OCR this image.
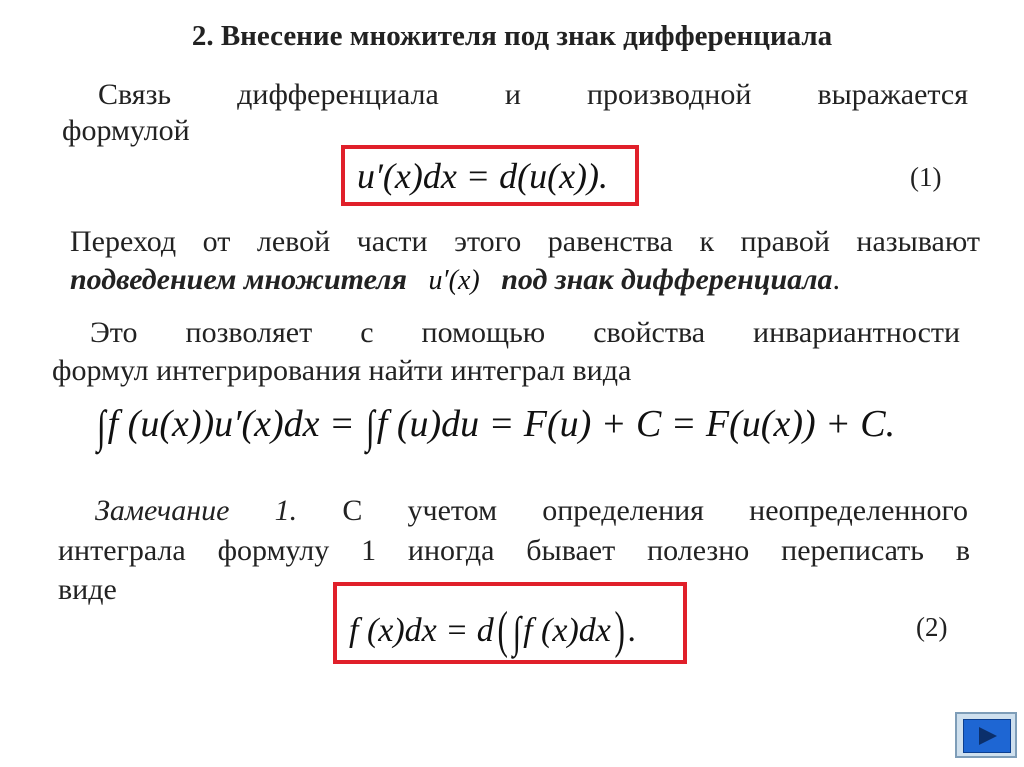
2. Внесение множителя под знак дифференциала
Связь дифференциала и производной выражается
формулой
u′(x)dx = d(u(x)).	(1)
Переход от левой части этого равенства к правой называют
подведением множителя u′(x) под знак дифференциала.
Это позволяет с помощью свойства инвариантности
формул интегрирования найти интеграл вида
∫f (u(x))u′(x)dx = ∫f (u)du = F(u) + C = F(u(x)) + C.
Замечание 1. С учетом определения неопределенного
интеграла формулу 1 иногда бывает полезно переписать в
виде
f (x)dx = d( ∫f (x)dx) .	(2)
